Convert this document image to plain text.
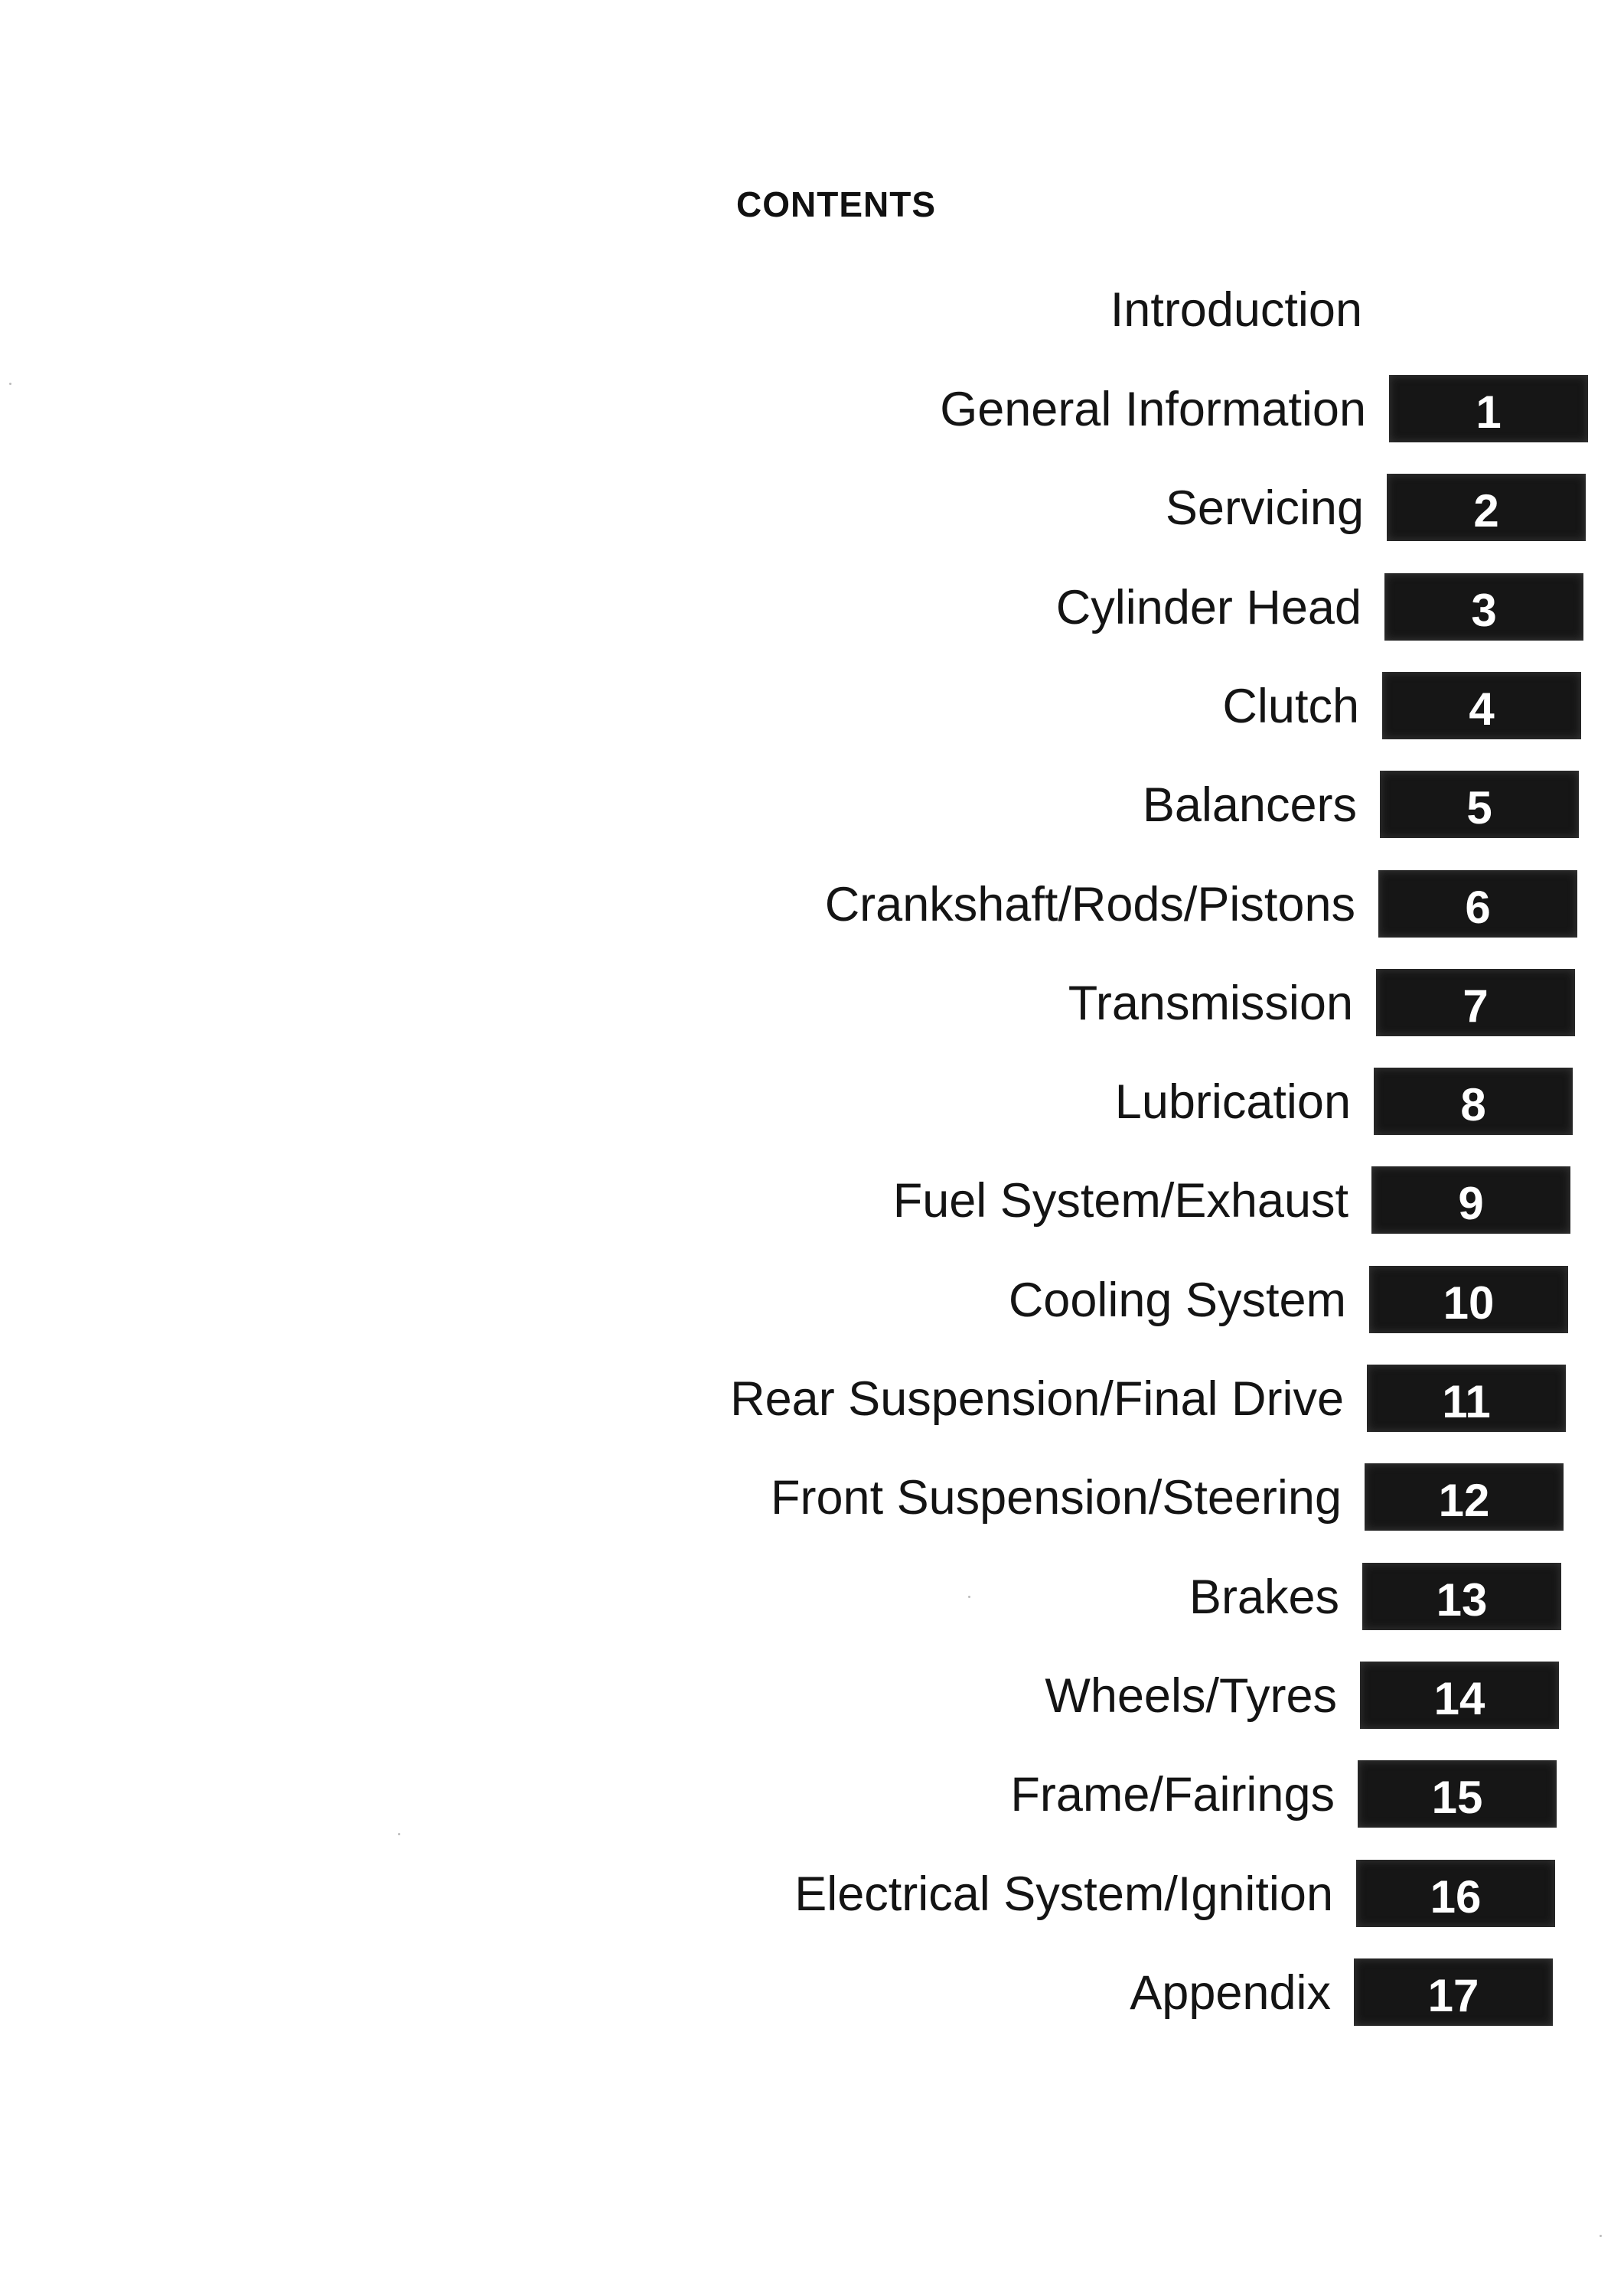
CONTENTS
Introduction
General Information	1
Servicing	2
Cylinder Head	3
Clutch	4
Balancers	5
Crankshaft/Rods/Pistons	6
Transmission	7
Lubrication	8
Fuel System/Exhaust	9
Cooling System	10
Rear Suspension/Final Drive	11
Front Suspension/Steering	12
Brakes	13
Wheels/Tyres	14
Frame/Fairings	15
Electrical System/Ignition	16
Appendix	17
